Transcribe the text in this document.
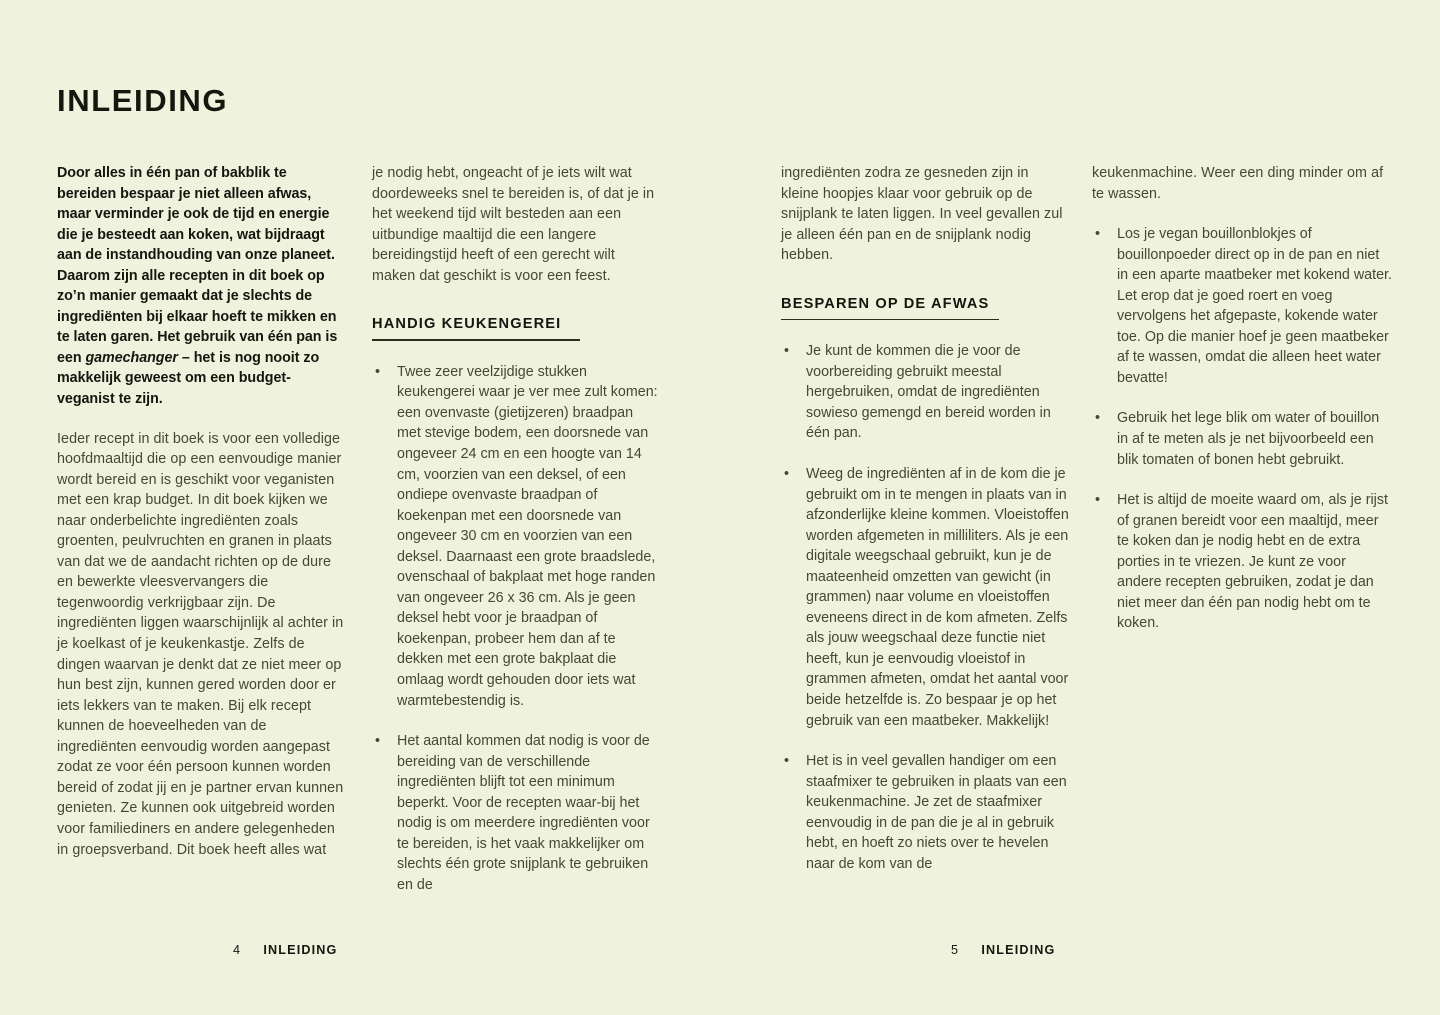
INLEIDING

Door alles in één pan of bakblik te bereiden bespaar je niet alleen afwas, maar verminder je ook de tijd en energie die je besteedt aan koken, wat bijdraagt aan de instandhouding van onze planeet. Daarom zijn alle recepten in dit boek op zo’n manier gemaakt dat je slechts de ingrediënten bij elkaar hoeft te mikken en te laten garen. Het gebruik van één pan is een gamechanger – het is nog nooit zo makkelijk geweest om een budget-veganist te zijn.

Ieder recept in dit boek is voor een volledige hoofdmaaltijd die op een eenvoudige manier wordt bereid en is geschikt voor veganisten met een krap budget. In dit boek kijken we naar onderbelichte ingrediënten zoals groenten, peulvruchten en granen in plaats van dat we de aandacht richten op de dure en bewerkte vleesvervangers die tegenwoordig verkrijgbaar zijn. De ingrediënten liggen waarschijnlijk al achter in je koelkast of je keukenkastje. Zelfs de dingen waarvan je denkt dat ze niet meer op hun best zijn, kunnen gered worden door er iets lekkers van te maken. Bij elk recept kunnen de hoeveelheden van de ingrediënten eenvoudig worden aangepast zodat ze voor één persoon kunnen worden bereid of zodat jij en je partner ervan kunnen genieten. Ze kunnen ook uitgebreid worden voor familiediners en andere gelegenheden in groepsverband. Dit boek heeft alles wat

je nodig hebt, ongeacht of je iets wilt wat doordeweeks snel te bereiden is, of dat je in het weekend tijd wilt besteden aan een uitbundige maaltijd die een langere bereidingstijd heeft of een gerecht wilt maken dat geschikt is voor een feest.

HANDIG KEUKENGEREI
• Twee zeer veelzijdige stukken keukengerei waar je ver mee zult komen: een ovenvaste (gietijzeren) braadpan met stevige bodem, een doorsnede van ongeveer 24 cm en een hoogte van 14 cm, voorzien van een deksel, of een ondiepe ovenvaste braadpan of koekenpan met een doorsnede van ongeveer 30 cm en voorzien van een deksel. Daarnaast een grote braadslede, ovenschaal of bakplaat met hoge randen van ongeveer 26 x 36 cm. Als je geen deksel hebt voor je braadpan of koekenpan, probeer hem dan af te dekken met een grote bakplaat die omlaag wordt gehouden door iets wat warmtebestendig is.
• Het aantal kommen dat nodig is voor de bereiding van de verschillende ingrediënten blijft tot een minimum beperkt. Voor de recepten waar-bij het nodig is om meerdere ingrediënten voor te bereiden, is het vaak makkelijker om slechts één grote snijplank te gebruiken en de

ingrediënten zodra ze gesneden zijn in kleine hoopjes klaar voor gebruik op de snijplank te laten liggen. In veel gevallen zul je alleen één pan en de snijplank nodig hebben.

BESPAREN OP DE AFWAS
• Je kunt de kommen die je voor de voorbereiding gebruikt meestal hergebruiken, omdat de ingrediënten sowieso gemengd en bereid worden in één pan.
• Weeg de ingrediënten af in de kom die je gebruikt om in te mengen in plaats van in afzonderlijke kleine kommen. Vloeistoffen worden afgemeten in milliliters. Als je een digitale weegschaal gebruikt, kun je de maateenheid omzetten van gewicht (in grammen) naar volume en vloeistoffen eveneens direct in de kom afmeten. Zelfs als jouw weegschaal deze functie niet heeft, kun je eenvoudig vloeistof in grammen afmeten, omdat het aantal voor beide hetzelfde is. Zo bespaar je op het gebruik van een maatbeker. Makkelijk!
• Het is in veel gevallen handiger om een staafmixer te gebruiken in plaats van een keukenmachine. Je zet de staafmixer eenvoudig in de pan die je al in gebruik hebt, en hoeft zo niets over te hevelen naar de kom van de

keukenmachine. Weer een ding minder om af te wassen.

• Los je vegan bouillonblokjes of bouillonpoeder direct op in de pan en niet in een aparte maatbeker met kokend water. Let erop dat je goed roert en voeg vervolgens het afgepaste, kokende water toe. Op die manier hoef je geen maatbeker af te wassen, omdat die alleen heet water bevatte!
• Gebruik het lege blik om water of bouillon in af te meten als je net bijvoorbeeld een blik tomaten of bonen hebt gebruikt.
• Het is altijd de moeite waard om, als je rijst of granen bereidt voor een maaltijd, meer te koken dan je nodig hebt en de extra porties in te vriezen. Je kunt ze voor andere recepten gebruiken, zodat je dan niet meer dan één pan nodig hebt om te koken.
4 INLEIDING	5 INLEIDING
